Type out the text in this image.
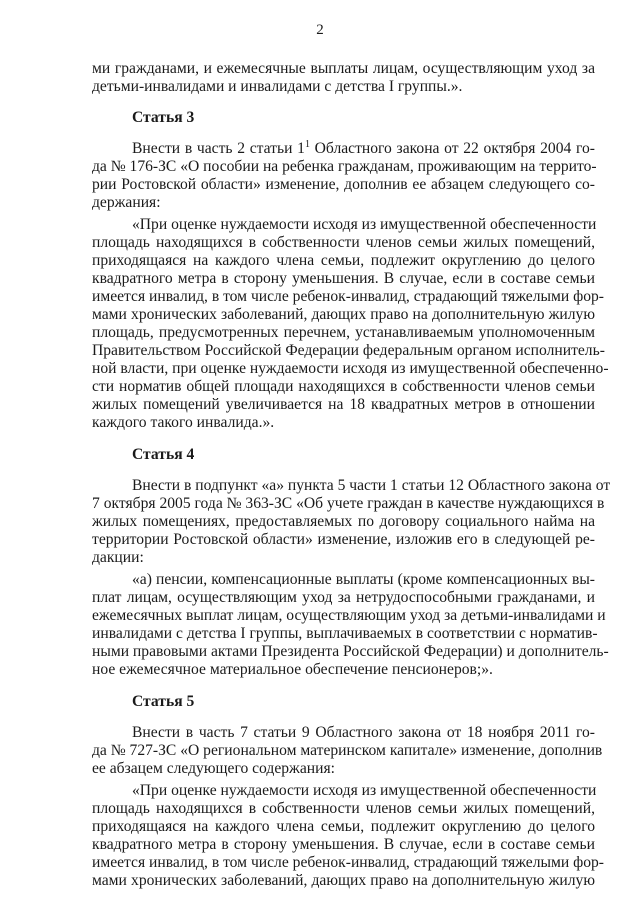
2
ми гражданами, и ежемесячные выплаты лицам, осуществляющим уход за
детьми-инвалидами и инвалидами с детства I группы.».
Статья 3
Внести в часть 2 статьи $1^1$ Областного закона от 22 октября 2004 го-
да № 176-ЗС «О пособии на ребенка гражданам, проживающим на террито-
рии Ростовской области» изменение, дополнив ее абзацем следующего со-
держания:
«При оценке нуждаемости исходя из имущественной обеспеченности
площадь находящихся в собственности членов семьи жилых помещений,
приходящаяся на каждого члена семьи, подлежит округлению до целого
квадратного метра в сторону уменьшения. В случае, если в составе семьи
имеется инвалид, в том числе ребенок-инвалид, страдающий тяжелыми фор-
мами хронических заболеваний, дающих право на дополнительную жилую
площадь, предусмотренных перечнем, устанавливаемым уполномоченным
Правительством Российской Федерации федеральным органом исполнитель-
ной власти, при оценке нуждаемости исходя из имущественной обеспеченно-
сти норматив общей площади находящихся в собственности членов семьи
жилых помещений увеличивается на 18 квадратных метров в отношении
каждого такого инвалида.».
Статья 4
Внести в подпункт «а» пункта 5 части 1 статьи 12 Областного закона от
7 октября 2005 года № 363-ЗС «Об учете граждан в качестве нуждающихся в
жилых помещениях, предоставляемых по договору социального найма на
территории Ростовской области» изменение, изложив его в следующей ре-
дакции:
«а) пенсии, компенсационные выплаты (кроме компенсационных вы-
плат лицам, осуществляющим уход за нетрудоспособными гражданами, и
ежемесячных выплат лицам, осуществляющим уход за детьми-инвалидами и
инвалидами с детства I группы, выплачиваемых в соответствии с норматив-
ными правовыми актами Президента Российской Федерации) и дополнитель-
ное ежемесячное материальное обеспечение пенсионеров;».
Статья 5
Внести в часть 7 статьи 9 Областного закона от 18 ноября 2011 го-
да № 727-ЗС «О региональном материнском капитале» изменение, дополнив
ее абзацем следующего содержания:
«При оценке нуждаемости исходя из имущественной обеспеченности
площадь находящихся в собственности членов семьи жилых помещений,
приходящаяся на каждого члена семьи, подлежит округлению до целого
квадратного метра в сторону уменьшения. В случае, если в составе семьи
имеется инвалид, в том числе ребенок-инвалид, страдающий тяжелыми фор-
мами хронических заболеваний, дающих право на дополнительную жилую
